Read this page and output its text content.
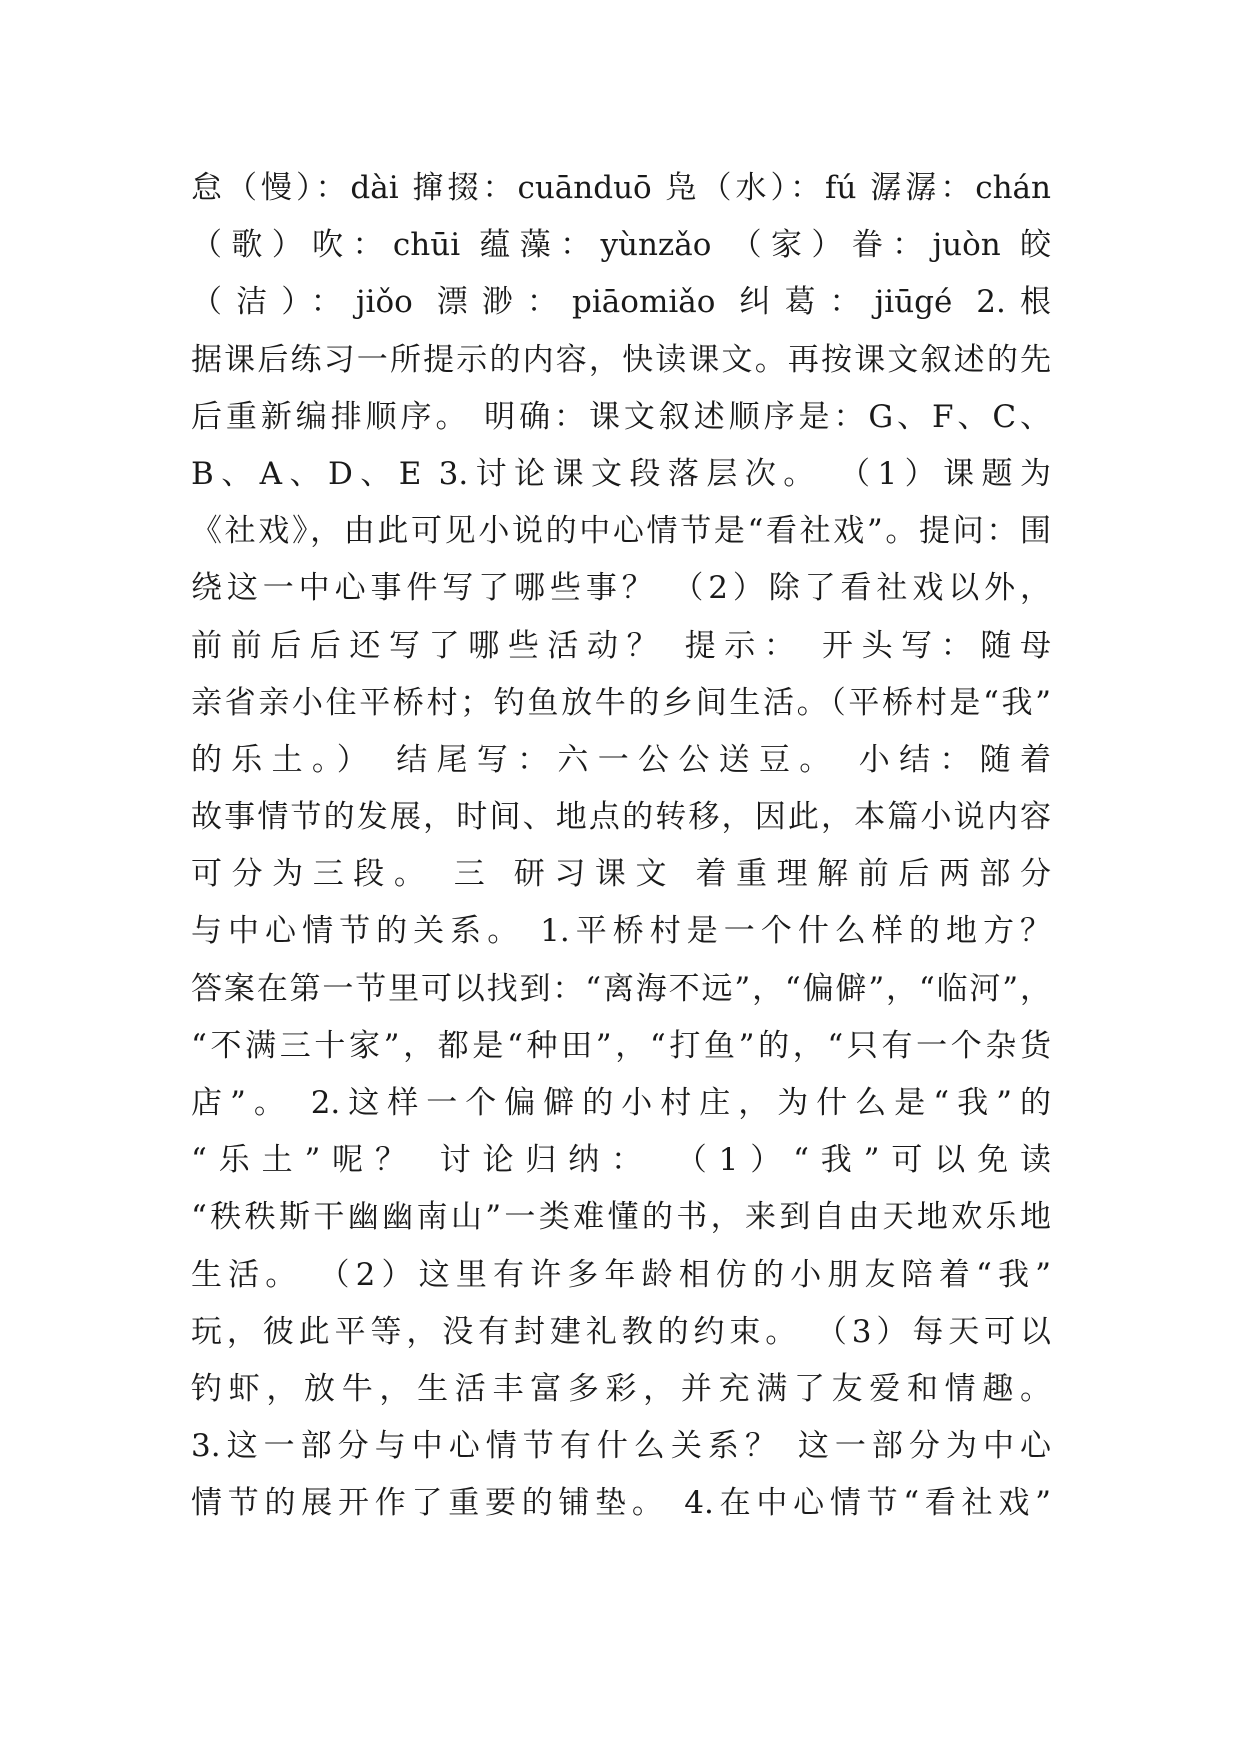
怠（慢）：dài 撺掇：cuānduō 凫（水）：fú 潺潺：chán
（歌）吹：chūi 蕴藻：yùnzǎo （家）眷：juòn 皎
（洁）：jiǒo 漂渺：piāomiǎo 纠葛：jiūgé 2.根
据课后练习一所提示的内容，快读课文。再按课文叙述的先
后重新编排顺序。 明确：课文叙述顺序是：G、F、C、
B、A、D、E 3.讨论课文段落层次。 （1）课题为
《社戏》，由此可见小说的中心情节是“看社戏”。提问：围
绕这一中心事件写了哪些事？ （2）除了看社戏以外，
前前后后还写了哪些活动？ 提示： 开头写：随母
亲省亲小住平桥村；钓鱼放牛的乡间生活。（平桥村是“我”
的乐土。） 结尾写：六一公公送豆。 小结：随着
故事情节的发展，时间、地点的转移，因此，本篇小说内容
可分为三段。 三 研习课文 着重理解前后两部分
与中心情节的关系。 1.平桥村是一个什么样的地方？
答案在第一节里可以找到：“离海不远”，“偏僻”，“临河”，
“不满三十家”，都是“种田”，“打鱼”的，“只有一个杂货
店”。 2.这样一个偏僻的小村庄，为什么是“我”的
“乐土”呢？ 讨论归纳： （1）“我”可以免读
“秩秩斯干幽幽南山”一类难懂的书，来到自由天地欢乐地
生活。 （2）这里有许多年龄相仿的小朋友陪着“我”
玩，彼此平等，没有封建礼教的约束。 （3）每天可以
钓虾，放牛，生活丰富多彩，并充满了友爱和情趣。
3.这一部分与中心情节有什么关系？ 这一部分为中心
情节的展开作了重要的铺垫。 4.在中心情节“看社戏”
